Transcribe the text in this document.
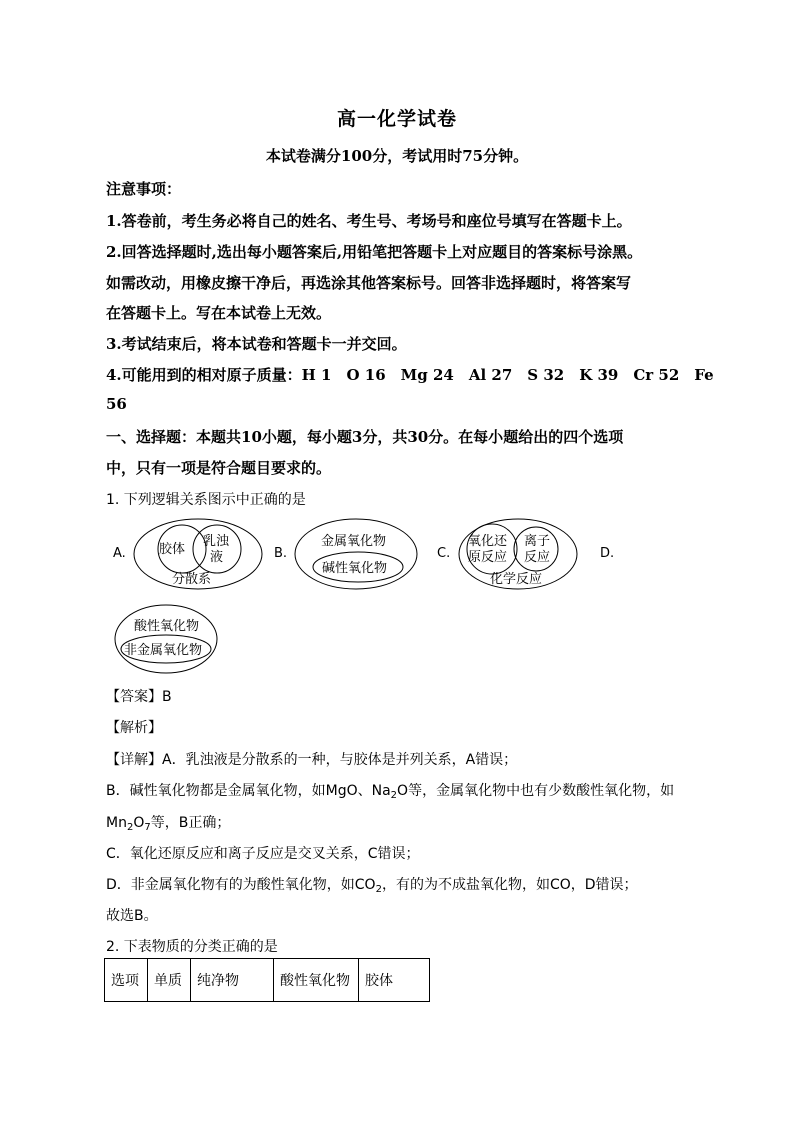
高一化学试卷
本试卷满分100分，考试用时75分钟。
注意事项：
1.答卷前，考生务必将自己的姓名、考生号、考场号和座位号填写在答题卡上。
2.回答选择题时,选出每小题答案后,用铅笔把答题卡上对应题目的答案标号涂黑。
如需改动，用橡皮擦干净后，再选涂其他答案标号。回答非选择题时，将答案写
在答题卡上。写在本试卷上无效。
3.考试结束后，将本试卷和答题卡一并交回。
4.可能用到的相对原子质量：H 1　O 16　Mg 24　Al 27　S 32　K 39　Cr 52　Fe
56
一、选择题：本题共10小题，每小题3分，共30分。在每小题给出的四个选项
中，只有一项是符合题目要求的。
1. 下列逻辑关系图示中正确的是
A.	胶体
乳浊
液
分散系
B.
金属氧化物
碱性氧化物
C.
氧化还
原反应
离子
反应
化学反应
D.
酸性氧化物
非金属氧化物
【答案】B
【解析】
【详解】A．乳浊液是分散系的一种，与胶体是并列关系，A错误；
B．碱性氧化物都是金属氧化物，如MgO、$Na_2O$等，金属氧化物中也有少数酸性氧化物，如
$Mn_2O_7$等，B正确；
C．氧化还原反应和离子反应是交叉关系，C错误；
D．非金属氧化物有的为酸性氧化物，如$CO_2$，有的为不成盐氧化物，如CO，D错误；
故选B。
2. 下表物质的分类正确的是
选项	单质	纯净物	酸性氧化物	胶体
